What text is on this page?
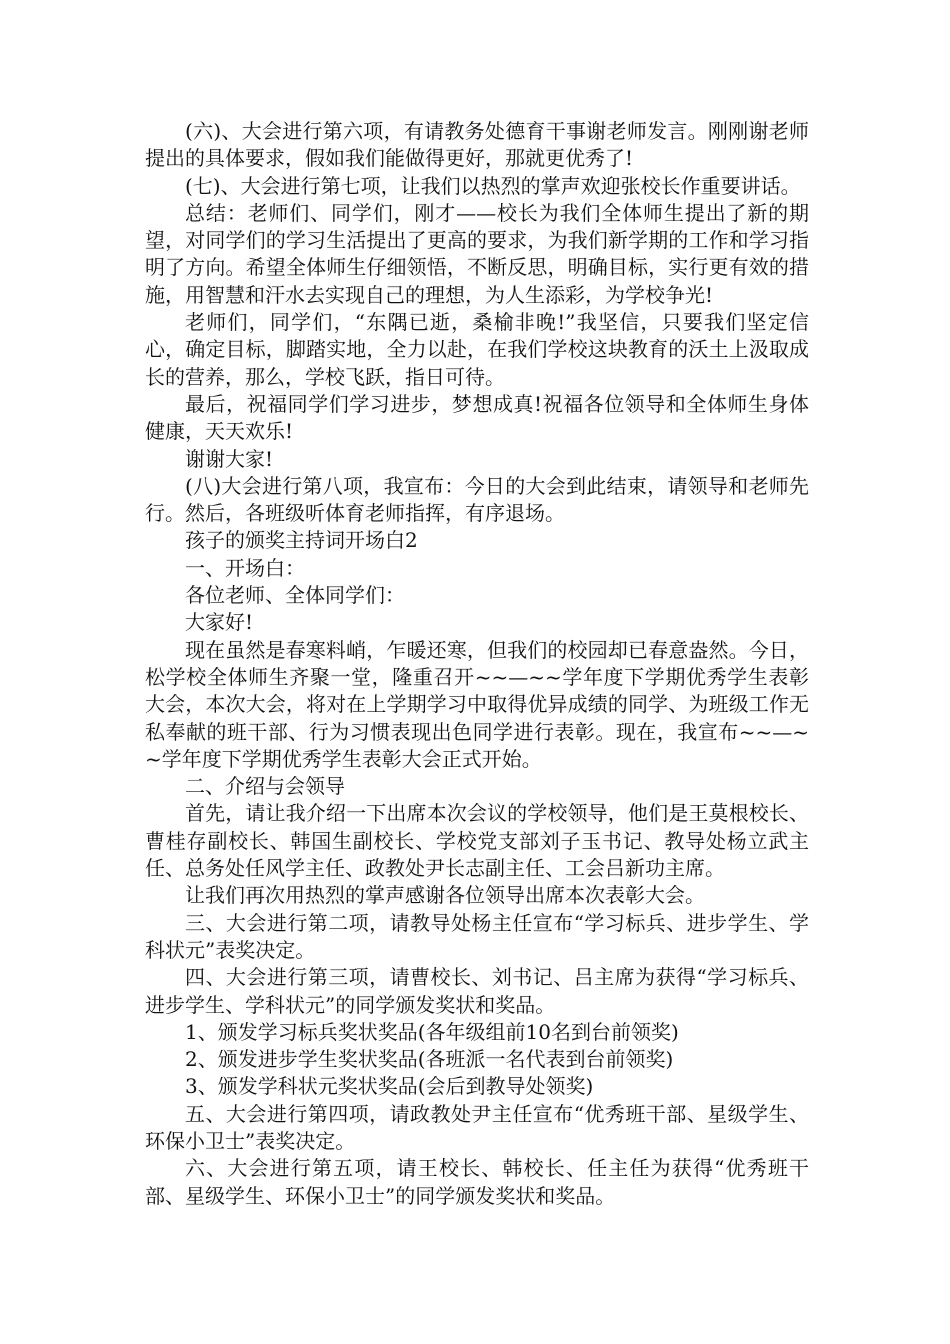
(六)、大会进行第六项，有请教务处德育干事谢老师发言。刚刚谢老师提出的具体要求，假如我们能做得更好，那就更优秀了!

(七)、大会进行第七项，让我们以热烈的掌声欢迎张校长作重要讲话。

总结：老师们、同学们，刚才——校长为我们全体师生提出了新的期望，对同学们的学习生活提出了更高的要求，为我们新学期的工作和学习指明了方向。希望全体师生仔细领悟，不断反思，明确目标，实行更有效的措施，用智慧和汗水去实现自己的理想，为人生添彩，为学校争光!

老师们，同学们，“东隅已逝，桑榆非晚!”我坚信，只要我们坚定信心，确定目标，脚踏实地，全力以赴，在我们学校这块教育的沃土上汲取成长的营养，那么，学校飞跃，指日可待。

最后，祝福同学们学习进步，梦想成真!祝福各位领导和全体师生身体健康，天天欢乐!

谢谢大家!

(八)大会进行第八项，我宣布：今日的大会到此结束，请领导和老师先行。然后，各班级听体育老师指挥，有序退场。

孩子的颁奖主持词开场白2

一、开场白：

各位老师、全体同学们：

大家好!

现在虽然是春寒料峭，乍暖还寒，但我们的校园却已春意盎然。今日，松学校全体师生齐聚一堂，隆重召开~~—~~学年度下学期优秀学生表彰大会，本次大会，将对在上学期学习中取得优异成绩的同学、为班级工作无私奉献的班干部、行为习惯表现出色同学进行表彰。现在，我宣布~~—~~学年度下学期优秀学生表彰大会正式开始。

二、介绍与会领导

首先，请让我介绍一下出席本次会议的学校领导，他们是王莫根校长、曹桂存副校长、韩国生副校长、学校党支部刘子玉书记、教导处杨立武主任、总务处任风学主任、政教处尹长志副主任、工会吕新功主席。

让我们再次用热烈的掌声感谢各位领导出席本次表彰大会。

三、大会进行第二项，请教导处杨主任宣布“学习标兵、进步学生、学科状元”表奖决定。

四、大会进行第三项，请曹校长、刘书记、吕主席为获得“学习标兵、进步学生、学科状元”的同学颁发奖状和奖品。

1、颁发学习标兵奖状奖品(各年级组前10名到台前领奖)

2、颁发进步学生奖状奖品(各班派一名代表到台前领奖)

3、颁发学科状元奖状奖品(会后到教导处领奖)

五、大会进行第四项，请政教处尹主任宣布“优秀班干部、星级学生、环保小卫士”表奖决定。

六、大会进行第五项，请王校长、韩校长、任主任为获得“优秀班干部、星级学生、环保小卫士”的同学颁发奖状和奖品。
